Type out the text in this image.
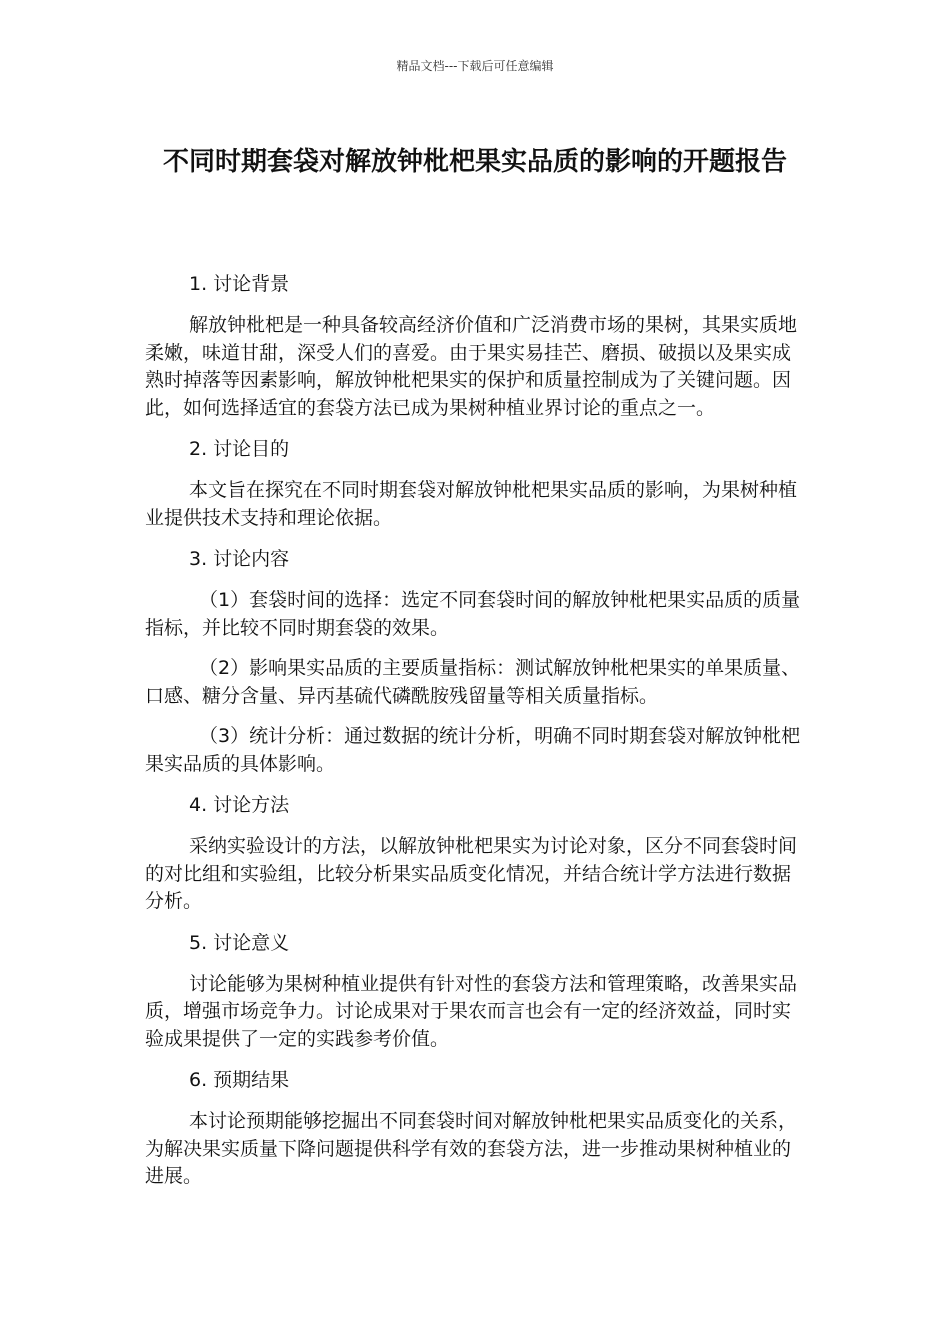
精品文档---下载后可任意编辑
不同时期套袋对解放钟枇杷果实品质的影响的开题报告

1. 讨论背景

解放钟枇杷是一种具备较高经济价值和广泛消费市场的果树，其果实质地柔嫩，味道甘甜，深受人们的喜爱。由于果实易挂芒、磨损、破损以及果实成熟时掉落等因素影响，解放钟枇杷果实的保护和质量控制成为了关键问题。因此，如何选择适宜的套袋方法已成为果树种植业界讨论的重点之一。

2. 讨论目的

本文旨在探究在不同时期套袋对解放钟枇杷果实品质的影响，为果树种植业提供技术支持和理论依据。

3. 讨论内容

（1）套袋时间的选择：选定不同套袋时间的解放钟枇杷果实品质的质量指标，并比较不同时期套袋的效果。

（2）影响果实品质的主要质量指标：测试解放钟枇杷果实的单果质量、口感、糖分含量、异丙基硫代磷酰胺残留量等相关质量指标。

（3）统计分析：通过数据的统计分析，明确不同时期套袋对解放钟枇杷果实品质的具体影响。

4. 讨论方法

采纳实验设计的方法，以解放钟枇杷果实为讨论对象，区分不同套袋时间的对比组和实验组，比较分析果实品质变化情况，并结合统计学方法进行数据分析。

5. 讨论意义

讨论能够为果树种植业提供有针对性的套袋方法和管理策略，改善果实品质，增强市场竞争力。讨论成果对于果农而言也会有一定的经济效益，同时实验成果提供了一定的实践参考价值。

6. 预期结果

本讨论预期能够挖掘出不同套袋时间对解放钟枇杷果实品质变化的关系，为解决果实质量下降问题提供科学有效的套袋方法，进一步推动果树种植业的进展。
